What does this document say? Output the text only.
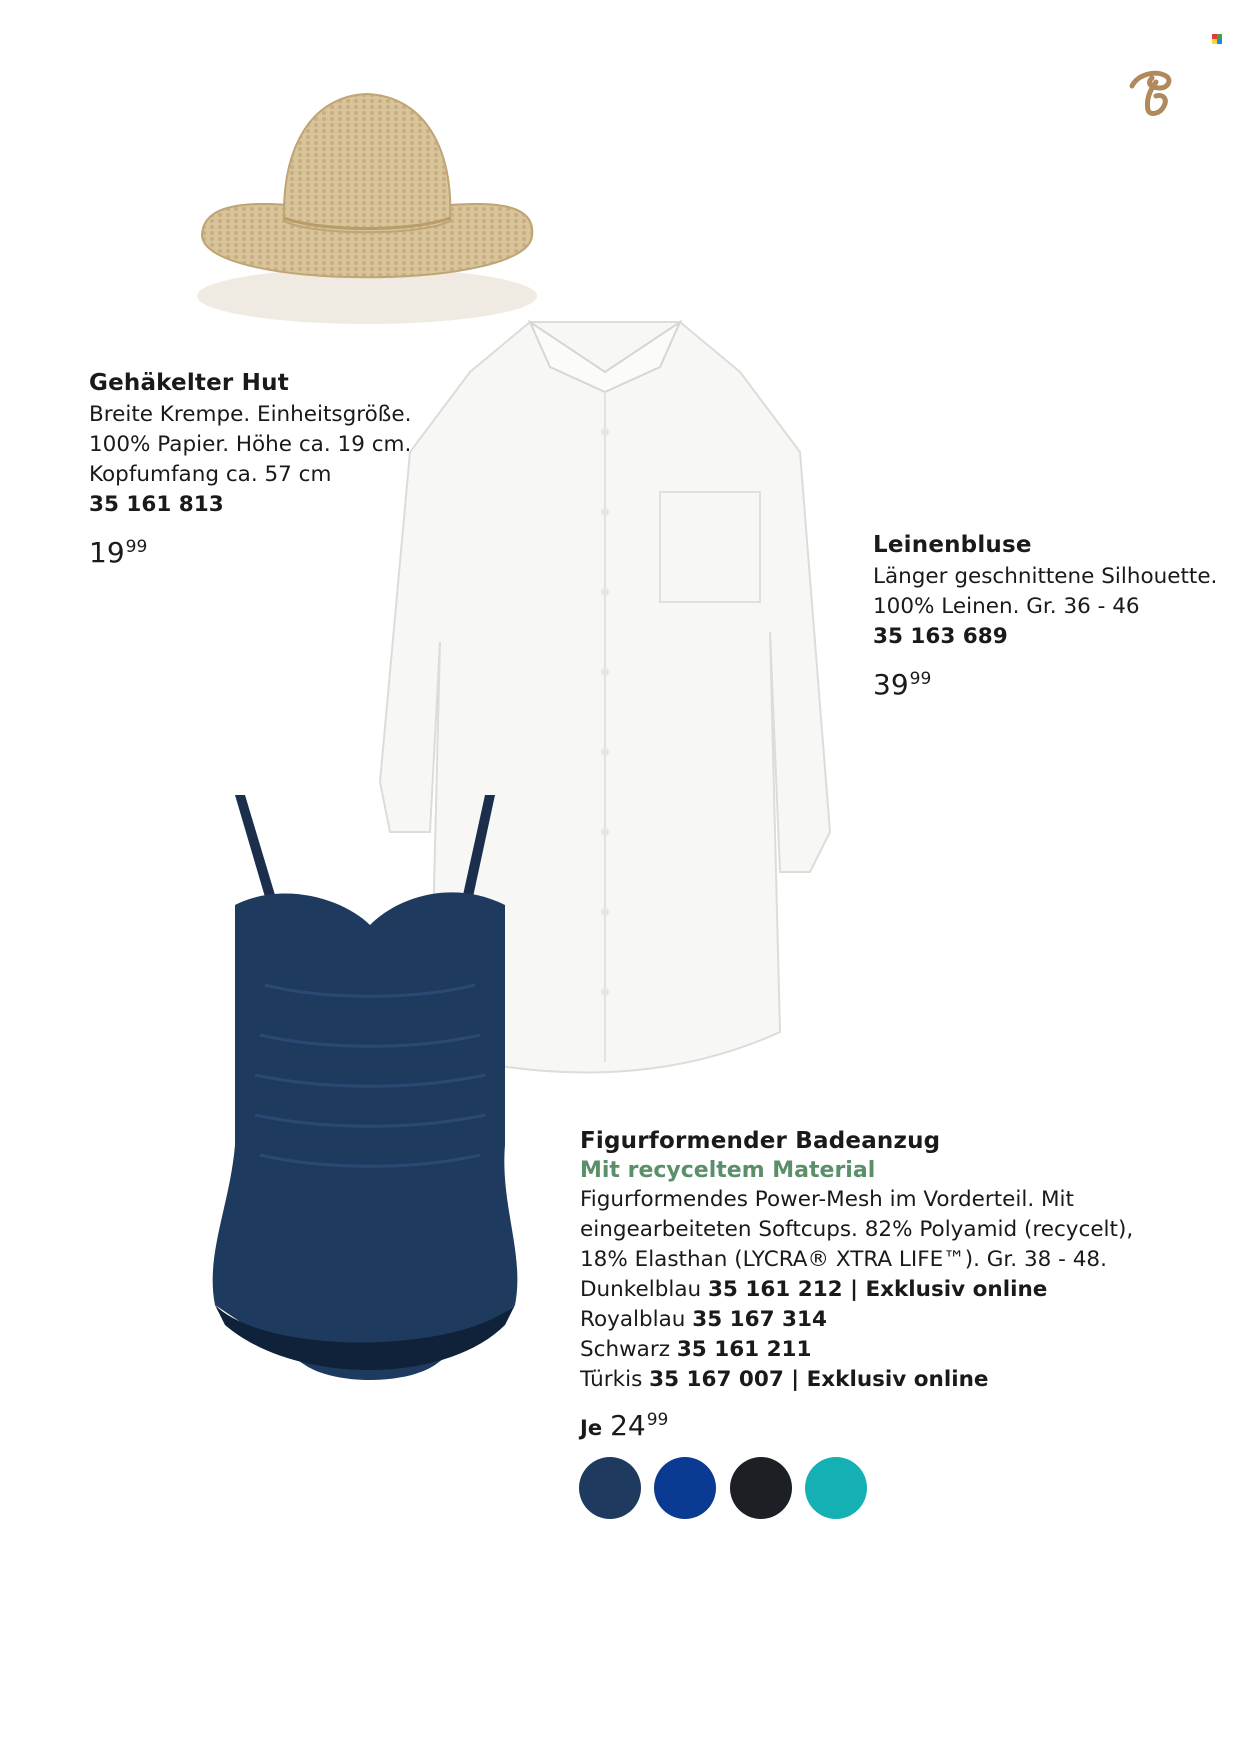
Gehäkelter Hut
Breite Krempe. Einheitsgröße.
100% Papier. Höhe ca. 19 cm.
Kopfumfang ca. 57 cm
35 161 813
$19^{99}$	Leinenbluse
Länger geschnittene Silhouette.
100% Leinen. Gr. 36 - 46
35 163 689
$39^{99}$
Figurformender Badeanzug
Mit recyceltem Material
Figurformendes Power-Mesh im Vorderteil. Mit
eingearbeiteten Softcups. 82% Polyamid (recycelt),
18% Elasthan (LYCRA® XTRA LIFE™). Gr. 38 - 48.
Dunkelblau 35 161 212 | Exklusiv online
Royalblau 35 167 314
Schwarz 35 161 211
Türkis 35 167 007 | Exklusiv online
Je $24^{99}$
